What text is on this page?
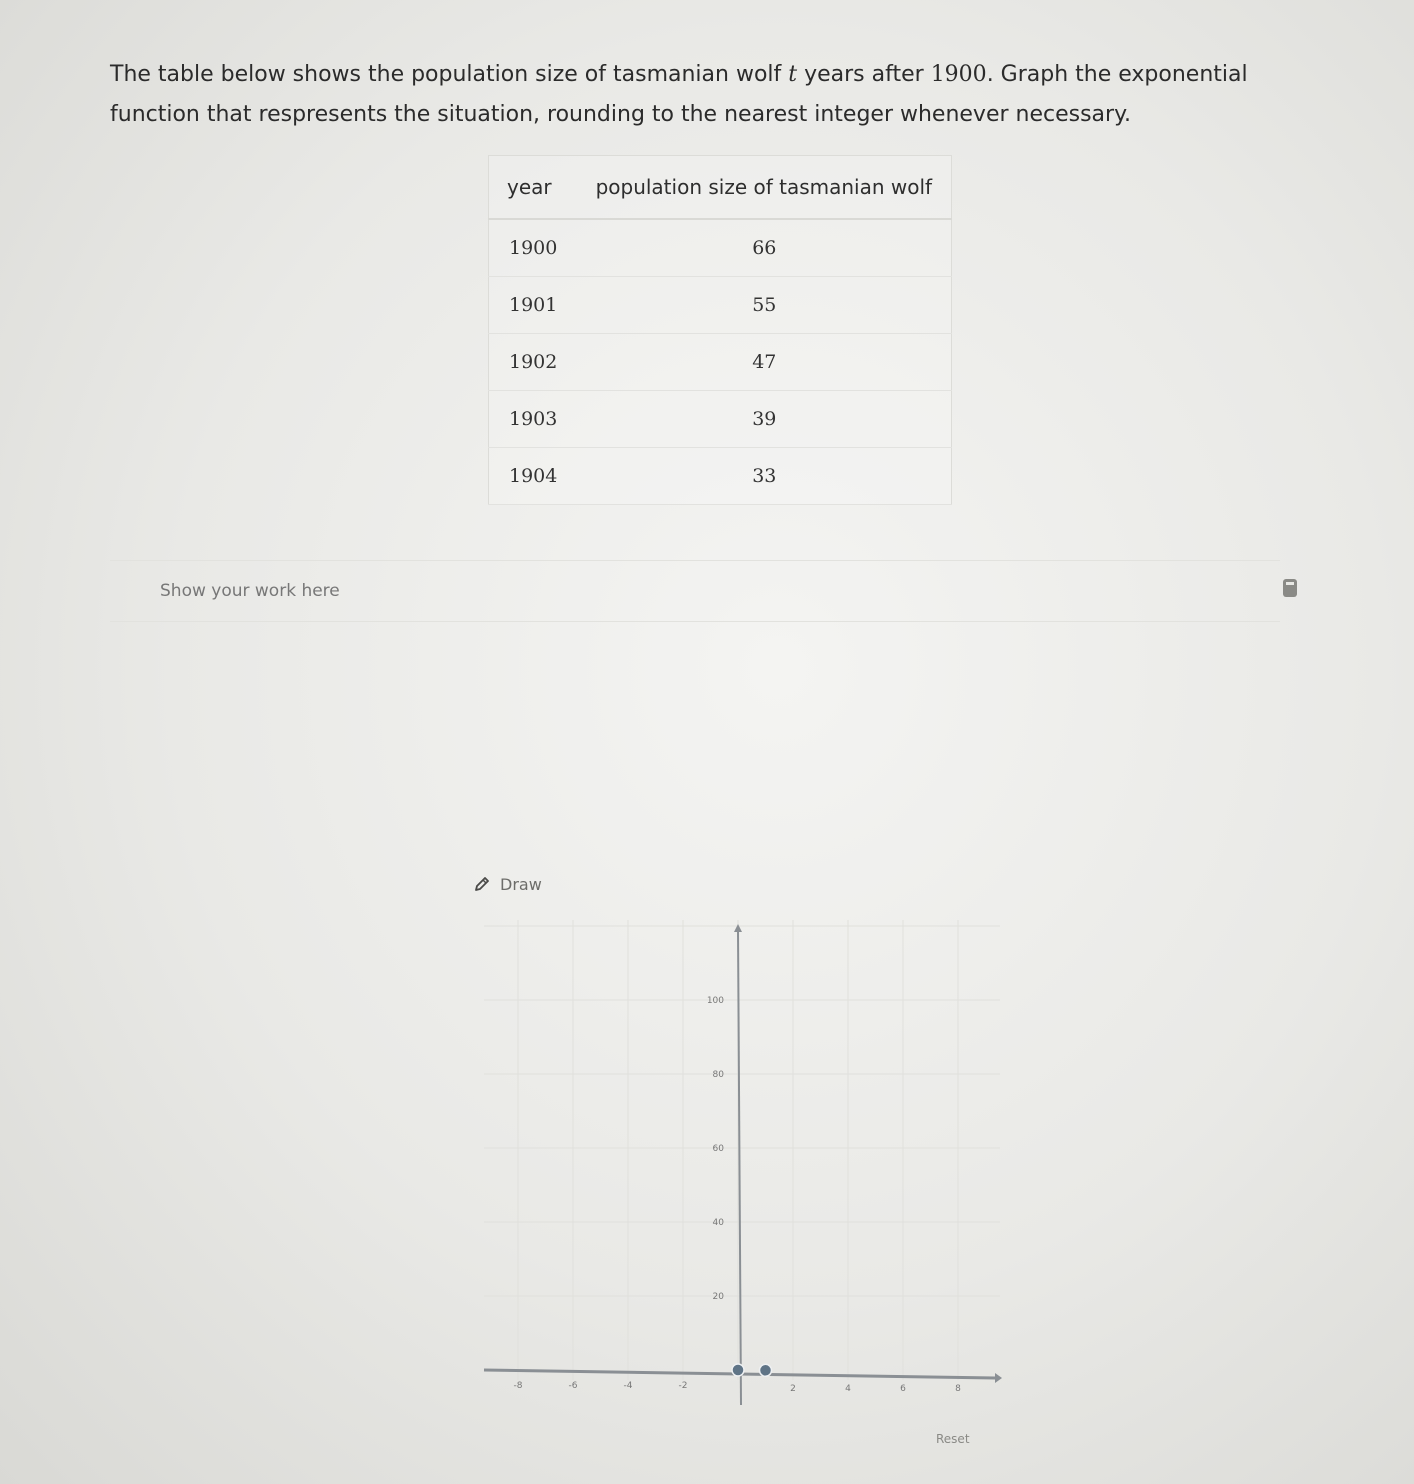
The table below shows the population size of tasmanian wolf t years after 1900. Graph the exponential function that respresents the situation, rounding to the nearest integer whenever necessary.
year	population size of tasmanian wolf
1900	66
1901	55
1902	47
1903	39
1904	33
Show your work here
Draw
20
40
60
80
100
-8	-6	-4	-2	2	4	6	8
Reset
